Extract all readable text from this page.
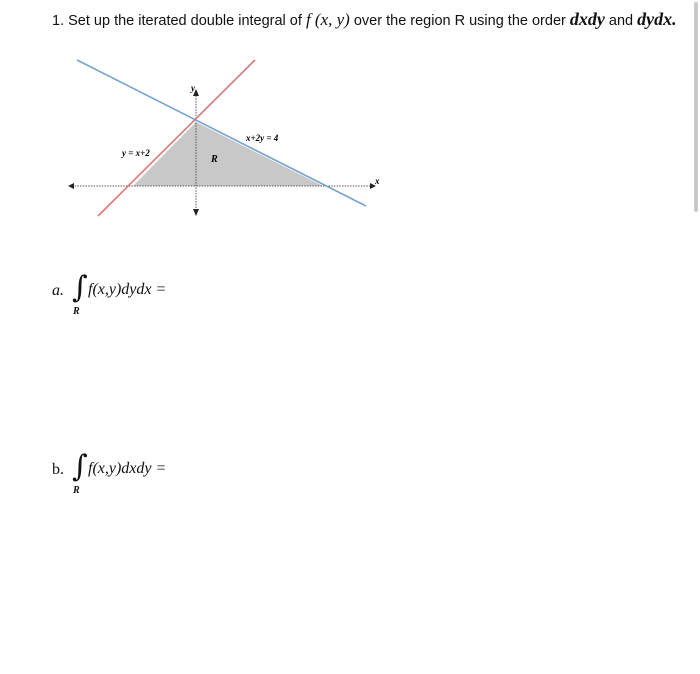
1. Set up the iterated double integral of f (x, y) over the region R using the order dxdy and dydx.
y
x
R
y = x+2
x+2y = 4
a. ∫
R
f(x,y)dydx =
b. ∫
R
f(x,y)dxdy =
